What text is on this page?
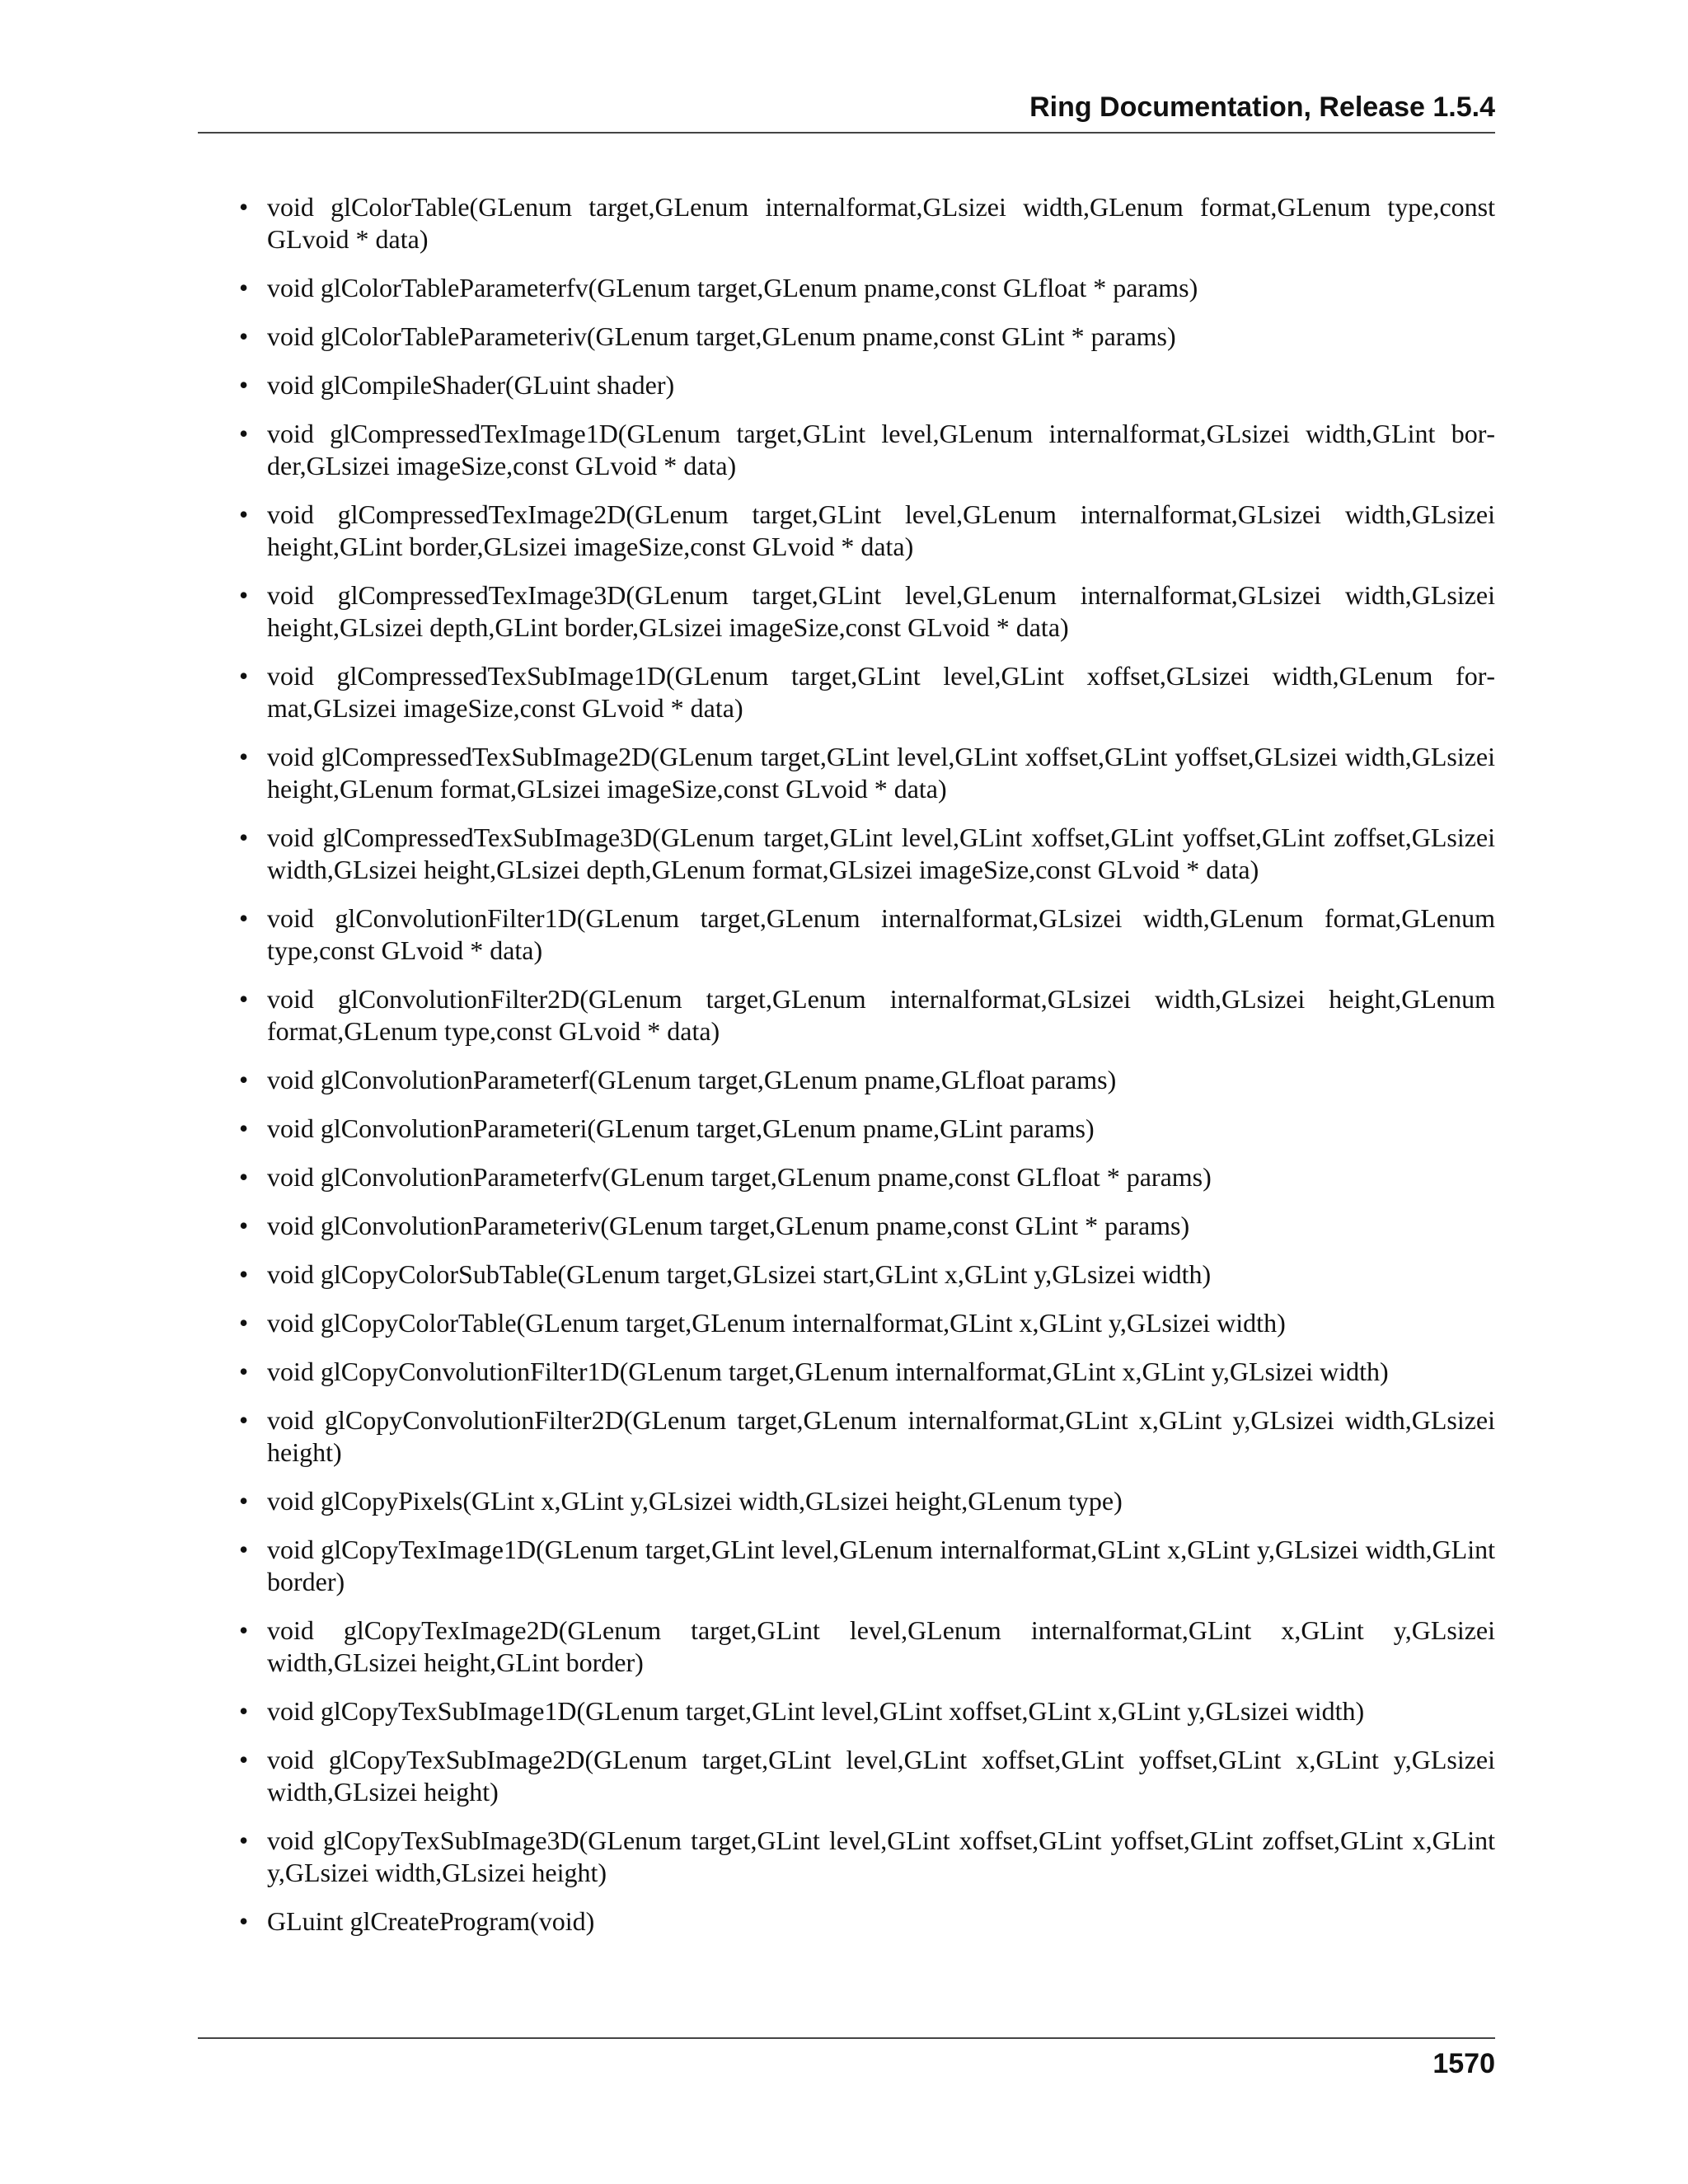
Ring Documentation, Release 1.5.4
• void glColorTable(GLenum target,GLenum internalformat,GLsizei width,GLenum format,GLenum type,const GLvoid * data)
• void glColorTableParameterfv(GLenum target,GLenum pname,const GLfloat * params)
• void glColorTableParameteriv(GLenum target,GLenum pname,const GLint * params)
• void glCompileShader(GLuint shader)
• void glCompressedTexImage1D(GLenum target,GLint level,GLenum internalformat,GLsizei width,GLint border,GLsizei imageSize,const GLvoid * data)
• void glCompressedTexImage2D(GLenum target,GLint level,GLenum internalformat,GLsizei width,GLsizei height,GLint border,GLsizei imageSize,const GLvoid * data)
• void glCompressedTexImage3D(GLenum target,GLint level,GLenum internalformat,GLsizei width,GLsizei height,GLsizei depth,GLint border,GLsizei imageSize,const GLvoid * data)
• void glCompressedTexSubImage1D(GLenum target,GLint level,GLint xoffset,GLsizei width,GLenum format,GLsizei imageSize,const GLvoid * data)
• void glCompressedTexSubImage2D(GLenum target,GLint level,GLint xoffset,GLint yoffset,GLsizei width,GLsizei height,GLenum format,GLsizei imageSize,const GLvoid * data)
• void glCompressedTexSubImage3D(GLenum target,GLint level,GLint xoffset,GLint yoffset,GLint zoffset,GLsizei width,GLsizei height,GLsizei depth,GLenum format,GLsizei imageSize,const GLvoid * data)
• void glConvolutionFilter1D(GLenum target,GLenum internalformat,GLsizei width,GLenum format,GLenum type,const GLvoid * data)
• void glConvolutionFilter2D(GLenum target,GLenum internalformat,GLsizei width,GLsizei height,GLenum format,GLenum type,const GLvoid * data)
• void glConvolutionParameterf(GLenum target,GLenum pname,GLfloat params)
• void glConvolutionParameteri(GLenum target,GLenum pname,GLint params)
• void glConvolutionParameterfv(GLenum target,GLenum pname,const GLfloat * params)
• void glConvolutionParameteriv(GLenum target,GLenum pname,const GLint * params)
• void glCopyColorSubTable(GLenum target,GLsizei start,GLint x,GLint y,GLsizei width)
• void glCopyColorTable(GLenum target,GLenum internalformat,GLint x,GLint y,GLsizei width)
• void glCopyConvolutionFilter1D(GLenum target,GLenum internalformat,GLint x,GLint y,GLsizei width)
• void glCopyConvolutionFilter2D(GLenum target,GLenum internalformat,GLint x,GLint y,GLsizei width,GLsizei height)
• void glCopyPixels(GLint x,GLint y,GLsizei width,GLsizei height,GLenum type)
• void glCopyTexImage1D(GLenum target,GLint level,GLenum internalformat,GLint x,GLint y,GLsizei width,GLint border)
• void glCopyTexImage2D(GLenum target,GLint level,GLenum internalformat,GLint x,GLint y,GLsizei width,GLsizei height,GLint border)
• void glCopyTexSubImage1D(GLenum target,GLint level,GLint xoffset,GLint x,GLint y,GLsizei width)
• void glCopyTexSubImage2D(GLenum target,GLint level,GLint xoffset,GLint yoffset,GLint x,GLint y,GLsizei width,GLsizei height)
• void glCopyTexSubImage3D(GLenum target,GLint level,GLint xoffset,GLint yoffset,GLint zoffset,GLint x,GLint y,GLsizei width,GLsizei height)
• GLuint glCreateProgram(void)
1570
